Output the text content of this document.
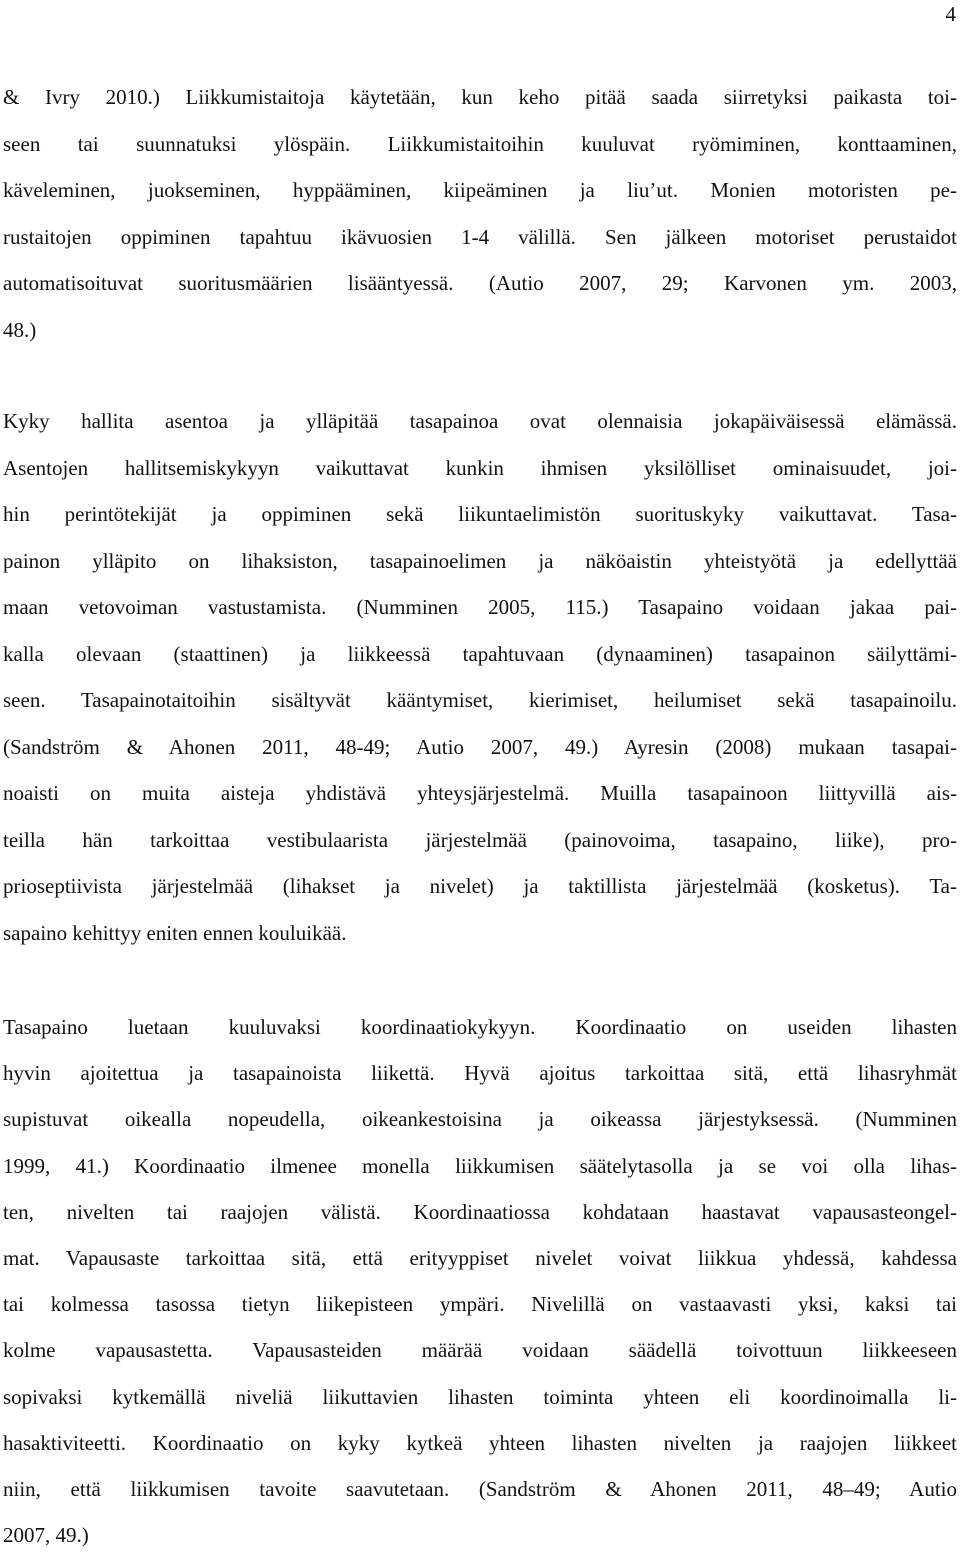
4
& Ivry 2010.) Liikkumistaitoja käytetään, kun keho pitää saada siirretyksi paikasta toi-
seen tai suunnatuksi ylöspäin. Liikkumistaitoihin kuuluvat ryömiminen, konttaaminen,
käveleminen, juokseminen, hyppääminen, kiipeäminen ja liu’ut. Monien motoristen pe-
rustaitojen oppiminen tapahtuu ikävuosien 1-4 välillä. Sen jälkeen motoriset perustaidot
automatisoituvat suoritusmäärien lisääntyessä. (Autio 2007, 29; Karvonen ym. 2003,
48.)
Kyky hallita asentoa ja ylläpitää tasapainoa ovat olennaisia jokapäiväisessä elämässä.
Asentojen hallitsemiskykyyn vaikuttavat kunkin ihmisen yksilölliset ominaisuudet, joi-
hin perintötekijät ja oppiminen sekä liikuntaelimistön suorituskyky vaikuttavat. Tasa-
painon ylläpito on lihaksiston, tasapainoelimen ja näköaistin yhteistyötä ja edellyttää
maan vetovoiman vastustamista. (Numminen 2005, 115.) Tasapaino voidaan jakaa pai-
kalla olevaan (staattinen) ja liikkeessä tapahtuvaan (dynaaminen) tasapainon säilyttämi-
seen. Tasapainotaitoihin sisältyvät kääntymiset, kierimiset, heilumiset sekä tasapainoilu.
(Sandström & Ahonen 2011, 48-49; Autio 2007, 49.) Ayresin (2008) mukaan tasapai-
noaisti on muita aisteja yhdistävä yhteysjärjestelmä. Muilla tasapainoon liittyvillä ais-
teilla hän tarkoittaa vestibulaarista järjestelmää (painovoima, tasapaino, liike), pro-
prioseptiivista järjestelmää (lihakset ja nivelet) ja taktillista järjestelmää (kosketus). Ta-
sapaino kehittyy eniten ennen kouluikää.
Tasapaino luetaan kuuluvaksi koordinaatiokykyyn. Koordinaatio on useiden lihasten
hyvin ajoitettua ja tasapainoista liikettä. Hyvä ajoitus tarkoittaa sitä, että lihasryhmät
supistuvat oikealla nopeudella, oikeankestoisina ja oikeassa järjestyksessä. (Numminen
1999, 41.) Koordinaatio ilmenee monella liikkumisen säätelytasolla ja se voi olla lihas-
ten, nivelten tai raajojen välistä. Koordinaatiossa kohdataan haastavat vapausasteongel-
mat. Vapausaste tarkoittaa sitä, että erityyppiset nivelet voivat liikkua yhdessä, kahdessa
tai kolmessa tasossa tietyn liikepisteen ympäri. Nivelillä on vastaavasti yksi, kaksi tai
kolme vapausastetta. Vapausasteiden määrää voidaan säädellä toivottuun liikkeeseen
sopivaksi kytkemällä niveliä liikuttavien lihasten toiminta yhteen eli koordinoimalla li-
hasaktiviteetti. Koordinaatio on kyky kytkeä yhteen lihasten nivelten ja raajojen liikkeet
niin, että liikkumisen tavoite saavutetaan. (Sandström & Ahonen 2011, 48–49; Autio
2007, 49.)
